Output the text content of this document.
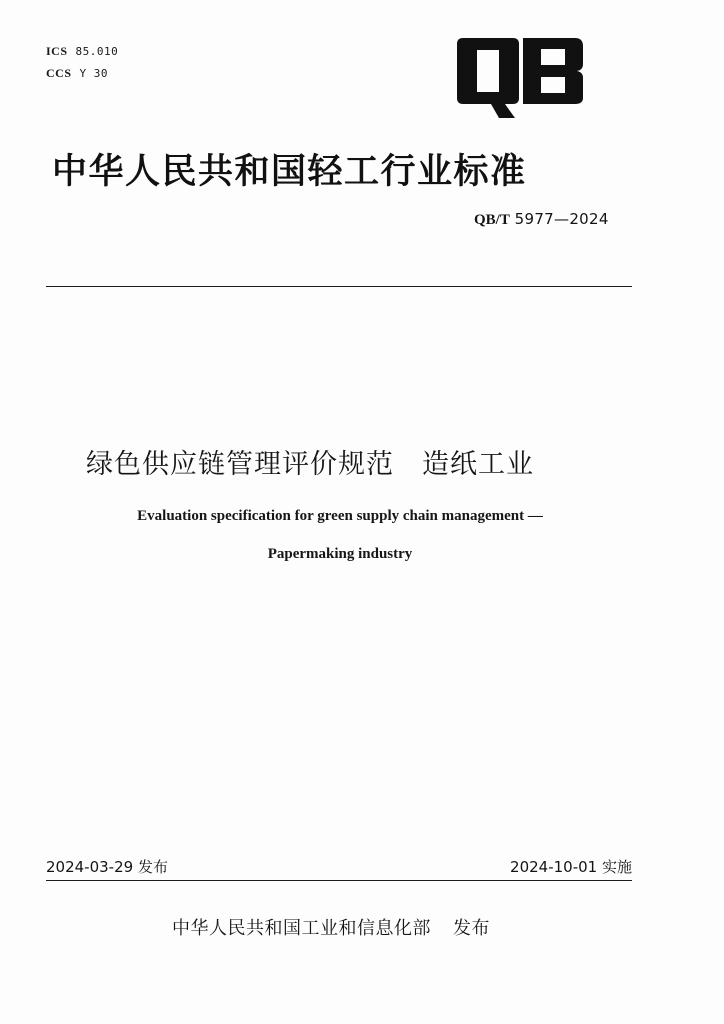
ICS 85.010
CCS Y 30
中华人民共和国轻工行业标准
QB/T 5977—2024
绿色供应链管理评价规范 造纸工业
Evaluation specification for green supply chain management —
Papermaking industry
2024-03-29 发布	2024-10-01 实施
中华人民共和国工业和信息化部 发布
